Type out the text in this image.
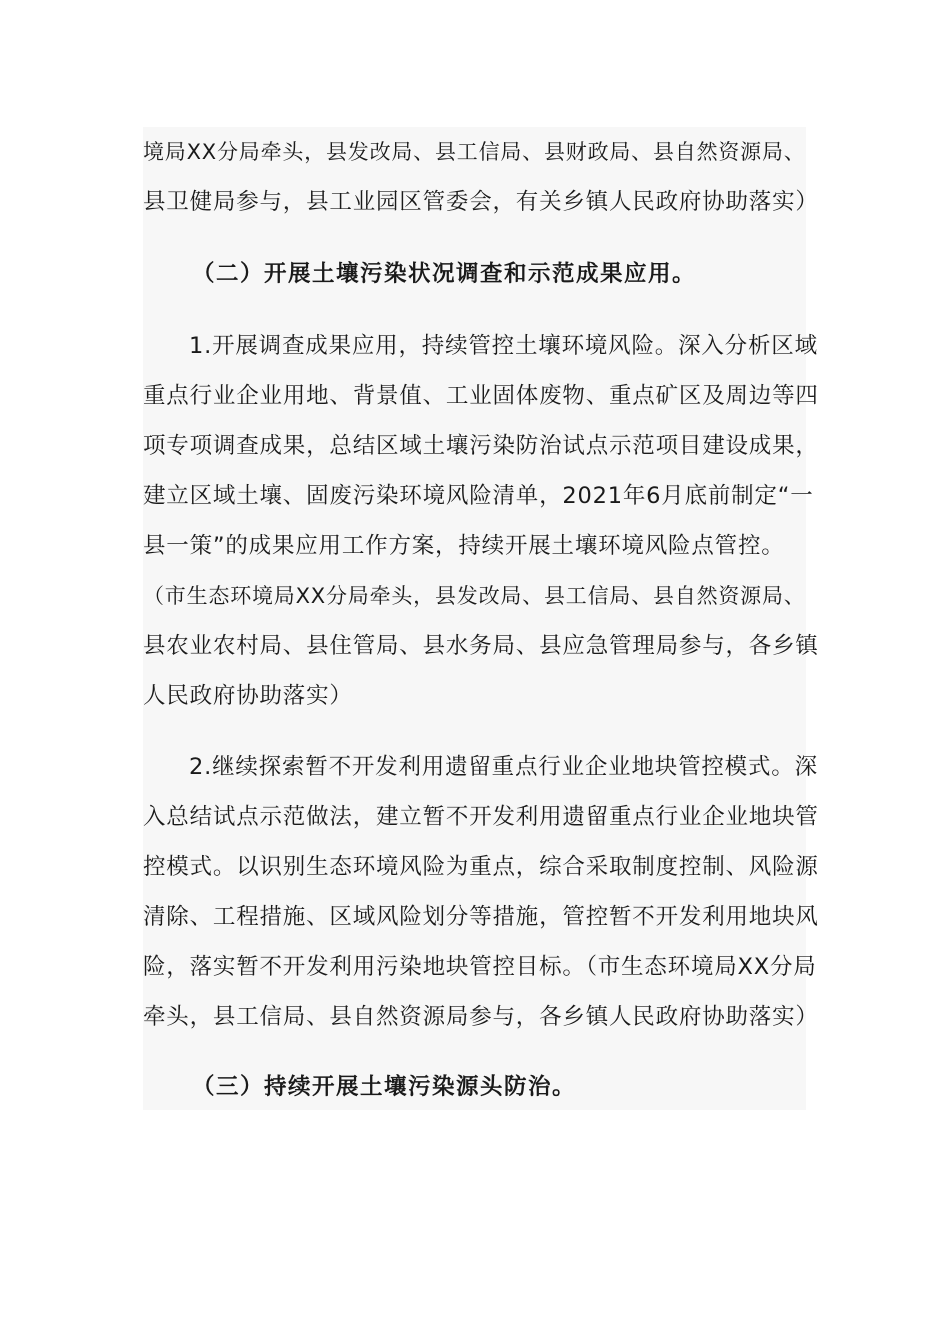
境局XX分局牵头，县发改局、县工信局、县财政局、县自然资源局、
县卫健局参与，县工业园区管委会，有关乡镇人民政府协助落实）
（二）开展土壤污染状况调查和示范成果应用。
1.开展调查成果应用，持续管控土壤环境风险。深入分析区域
重点行业企业用地、背景值、工业固体废物、重点矿区及周边等四
项专项调查成果，总结区域土壤污染防治试点示范项目建设成果，
建立区域土壤、固废污染环境风险清单，2021年6月底前制定“一
县一策”的成果应用工作方案，持续开展土壤环境风险点管控。
（市生态环境局XX分局牵头，县发改局、县工信局、县自然资源局、
县农业农村局、县住管局、县水务局、县应急管理局参与，各乡镇
人民政府协助落实）
2.继续探索暂不开发利用遗留重点行业企业地块管控模式。深
入总结试点示范做法，建立暂不开发利用遗留重点行业企业地块管
控模式。以识别生态环境风险为重点，综合采取制度控制、风险源
清除、工程措施、区域风险划分等措施，管控暂不开发利用地块风
险，落实暂不开发利用污染地块管控目标。（市生态环境局XX分局
牵头，县工信局、县自然资源局参与，各乡镇人民政府协助落实）
（三）持续开展土壤污染源头防治。
